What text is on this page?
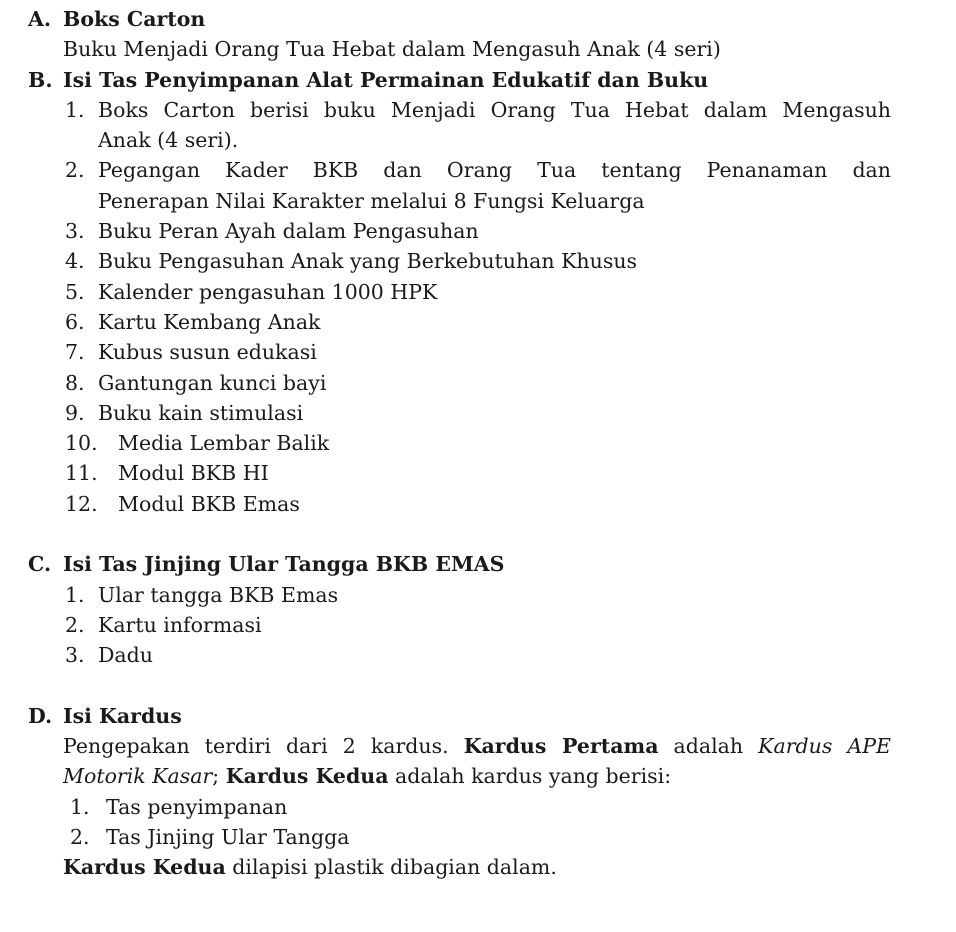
A. Boks Carton
Buku Menjadi Orang Tua Hebat dalam Mengasuh Anak (4 seri)
B. Isi Tas Penyimpanan Alat Permainan Edukatif dan Buku
1. Boks Carton berisi buku Menjadi Orang Tua Hebat dalam Mengasuh
Anak (4 seri).
2. Pegangan Kader BKB dan Orang Tua tentang Penanaman dan
Penerapan Nilai Karakter melalui 8 Fungsi Keluarga
3. Buku Peran Ayah dalam Pengasuhan
4. Buku Pengasuhan Anak yang Berkebutuhan Khusus
5. Kalender pengasuhan 1000 HPK
6. Kartu Kembang Anak
7. Kubus susun edukasi
8. Gantungan kunci bayi
9. Buku kain stimulasi
10. Media Lembar Balik
11. Modul BKB HI
12. Modul BKB Emas
C. Isi Tas Jinjing Ular Tangga BKB EMAS
1. Ular tangga BKB Emas
2. Kartu informasi
3. Dadu
D. Isi Kardus
Pengepakan terdiri dari 2 kardus. Kardus Pertama adalah Kardus APE
Motorik Kasar; Kardus Kedua adalah kardus yang berisi:
1. Tas penyimpanan
2. Tas Jinjing Ular Tangga
Kardus Kedua dilapisi plastik dibagian dalam.
